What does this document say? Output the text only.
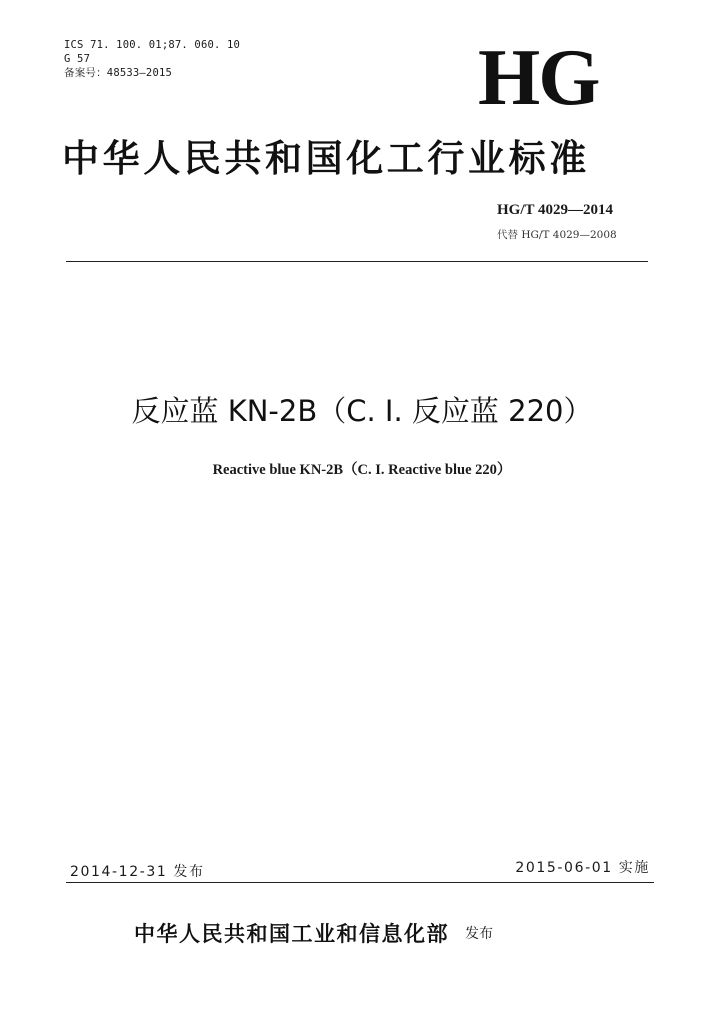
ICS 71. 100. 01;87. 060. 10
G 57
备案号：48533—2015	HG
中华人民共和国化工行业标准
HG/T 4029—2014
代替 HG/T 4029—2008
反应蓝 KN-2B（C. I. 反应蓝 220）
Reactive blue KN-2B（C. I. Reactive blue 220）
2014-12-31 发布	2015-06-01 实施
中华人民共和国工业和信息化部 发布
